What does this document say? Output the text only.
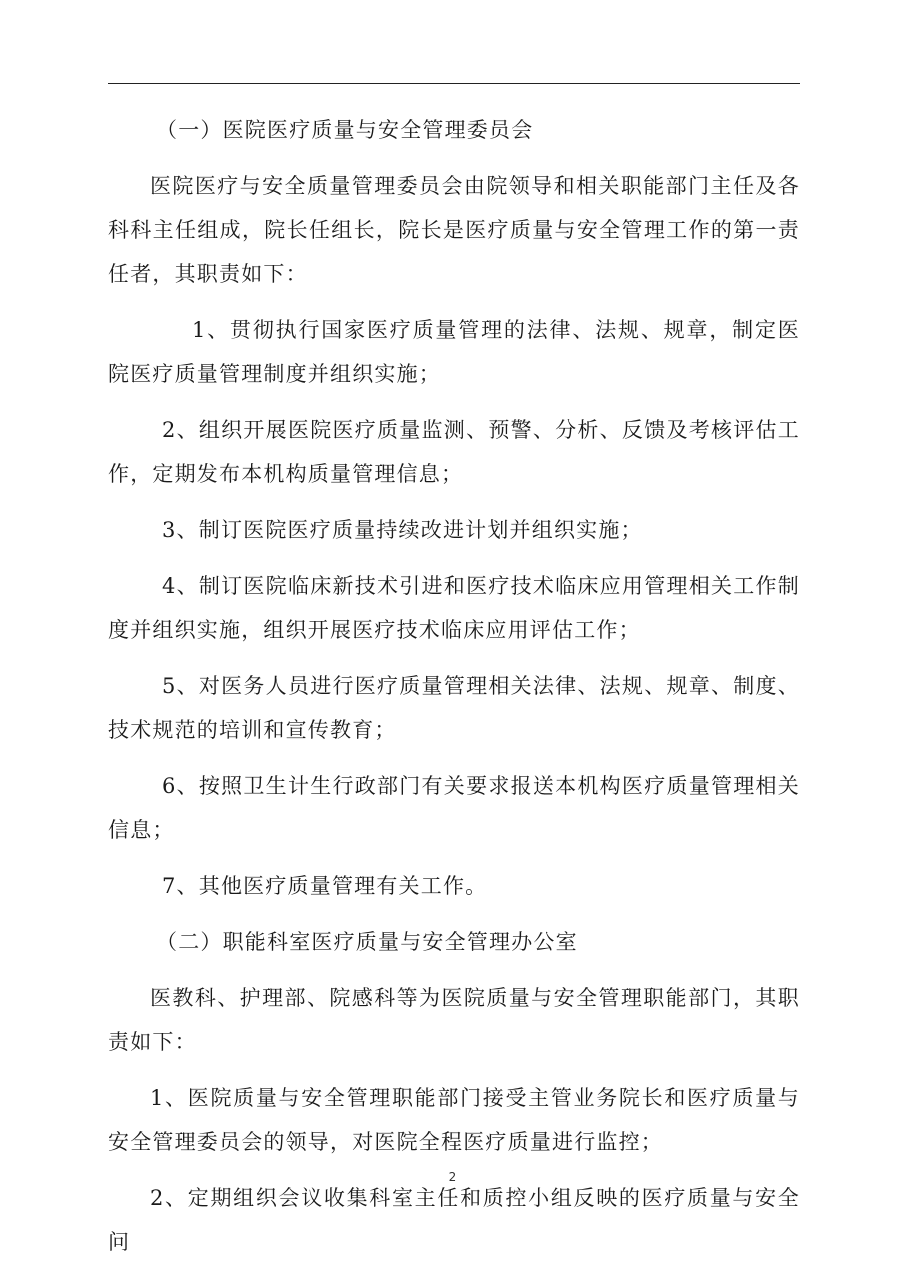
（一）医院医疗质量与安全管理委员会

医院医疗与安全质量管理委员会由院领导和相关职能部门主任及各科科主任组成，院长任组长，院长是医疗质量与安全管理工作的第一责任者，其职责如下：

1、贯彻执行国家医疗质量管理的法律、法规、规章，制定医院医疗质量管理制度并组织实施；

2、组织开展医院医疗质量监测、预警、分析、反馈及考核评估工作，定期发布本机构质量管理信息；

3、制订医院医疗质量持续改进计划并组织实施；

4、制订医院临床新技术引进和医疗技术临床应用管理相关工作制度并组织实施，组织开展医疗技术临床应用评估工作；

5、对医务人员进行医疗质量管理相关法律、法规、规章、制度、技术规范的培训和宣传教育；

6、按照卫生计生行政部门有关要求报送本机构医疗质量管理相关信息；

7、其他医疗质量管理有关工作。

（二）职能科室医疗质量与安全管理办公室

医教科、护理部、院感科等为医院质量与安全管理职能部门，其职责如下：

1、医院质量与安全管理职能部门接受主管业务院长和医疗质量与安全管理委员会的领导，对医院全程医疗质量进行监控；

2、定期组织会议收集科室主任和质控小组反映的医疗质量与安全问

2
